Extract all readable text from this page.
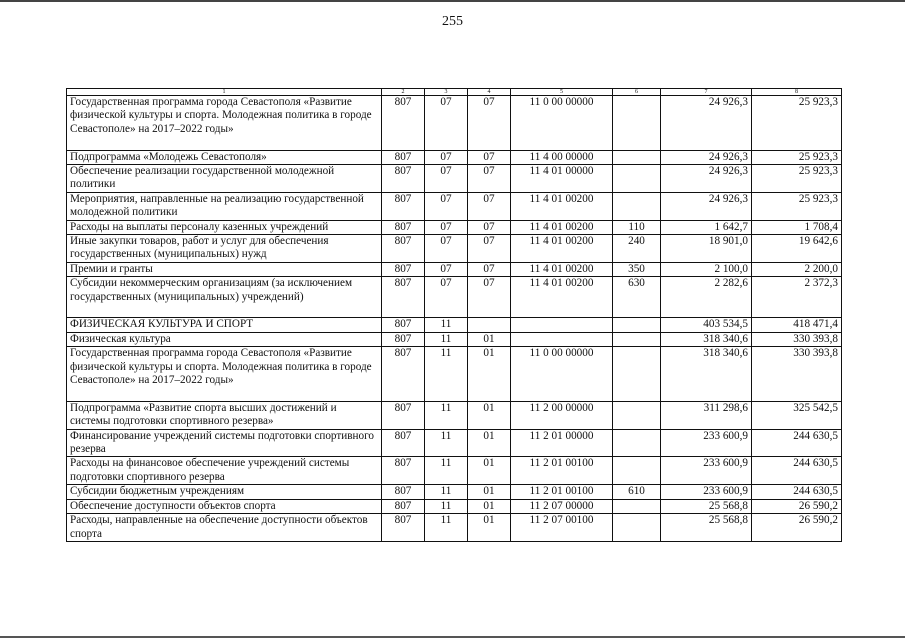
255
1	2	3	4	5	6	7	8
Государственная программа города Севастополя «Развитие физической культуры и спорта. Молодежная политика в городе Севастополе» на 2017–2022 годы»	807	07	07	11 0 00 00000		24 926,3	25 923,3
Подпрограмма «Молодежь Севастополя»	807	07	07	11 4 00 00000		24 926,3	25 923,3
Обеспечение реализации государственной молодежной политики	807	07	07	11 4 01 00000		24 926,3	25 923,3
Мероприятия, направленные на реализацию государственной молодежной политики	807	07	07	11 4 01 00200		24 926,3	25 923,3
Расходы на выплаты персоналу казенных учреждений	807	07	07	11 4 01 00200	110	1 642,7	1 708,4
Иные закупки товаров, работ и услуг для обеспечения государственных (муниципальных) нужд	807	07	07	11 4 01 00200	240	18 901,0	19 642,6
Премии и гранты	807	07	07	11 4 01 00200	350	2 100,0	2 200,0
Субсидии некоммерческим организациям (за исключением государственных (муниципальных) учреждений)	807	07	07	11 4 01 00200	630	2 282,6	2 372,3
ФИЗИЧЕСКАЯ КУЛЬТУРА И СПОРТ	807	11				403 534,5	418 471,4
Физическая культура	807	11	01			318 340,6	330 393,8
Государственная программа города Севастополя «Развитие физической культуры и спорта. Молодежная политика в городе Севастополе» на 2017–2022 годы»	807	11	01	11 0 00 00000		318 340,6	330 393,8
Подпрограмма «Развитие спорта высших достижений и системы подготовки спортивного резерва»	807	11	01	11 2 00 00000		311 298,6	325 542,5
Финансирование учреждений системы подготовки спортивного резерва	807	11	01	11 2 01 00000		233 600,9	244 630,5
Расходы на финансовое обеспечение учреждений системы подготовки спортивного резерва	807	11	01	11 2 01 00100		233 600,9	244 630,5
Субсидии бюджетным учреждениям	807	11	01	11 2 01 00100	610	233 600,9	244 630,5
Обеспечение доступности объектов спорта	807	11	01	11 2 07 00000		25 568,8	26 590,2
Расходы, направленные на обеспечение доступности объектов спорта	807	11	01	11 2 07 00100		25 568,8	26 590,2
